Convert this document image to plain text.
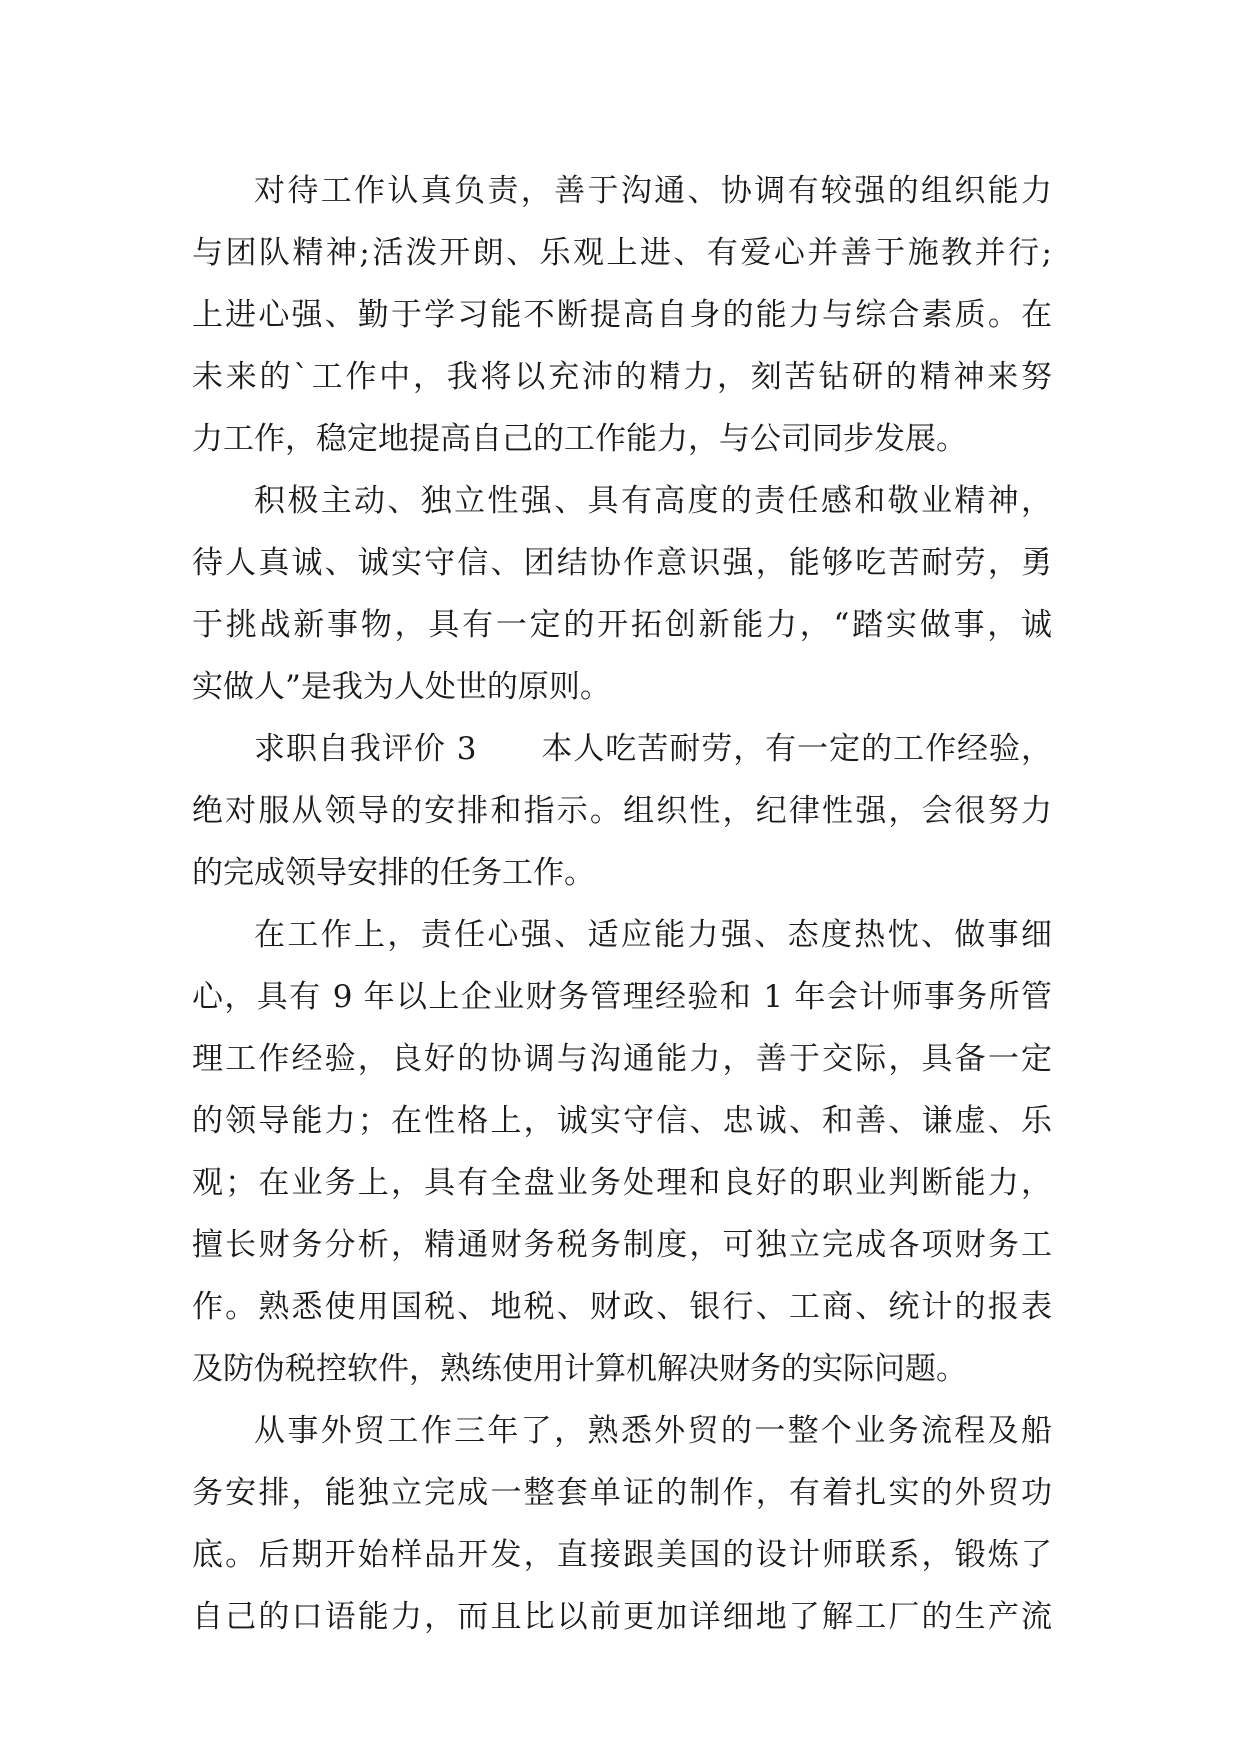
对待工作认真负责，善于沟通、协调有较强的组织能力
与团队精神;活泼开朗、乐观上进、有爱心并善于施教并行;
上进心强、勤于学习能不断提高自身的能力与综合素质。在
未来的`工作中，我将以充沛的精力，刻苦钻研的精神来努
力工作，稳定地提高自己的工作能力，与公司同步发展。
积极主动、独立性强、具有高度的责任感和敬业精神，
待人真诚、诚实守信、团结协作意识强，能够吃苦耐劳，勇
于挑战新事物，具有一定的开拓创新能力，“踏实做事，诚
实做人”是我为人处世的原则。
求职自我评价 3　　本人吃苦耐劳，有一定的工作经验，
绝对服从领导的安排和指示。组织性，纪律性强，会很努力
的完成领导安排的任务工作。
在工作上，责任心强、适应能力强、态度热忱、做事细
心，具有 9 年以上企业财务管理经验和 1 年会计师事务所管
理工作经验，良好的协调与沟通能力，善于交际，具备一定
的领导能力；在性格上，诚实守信、忠诚、和善、谦虚、乐
观；在业务上，具有全盘业务处理和良好的职业判断能力，
擅长财务分析，精通财务税务制度，可独立完成各项财务工
作。熟悉使用国税、地税、财政、银行、工商、统计的报表
及防伪税控软件，熟练使用计算机解决财务的实际问题。
从事外贸工作三年了，熟悉外贸的一整个业务流程及船
务安排，能独立完成一整套单证的制作，有着扎实的外贸功
底。后期开始样品开发，直接跟美国的设计师联系，锻炼了
自己的口语能力，而且比以前更加详细地了解工厂的生产流
